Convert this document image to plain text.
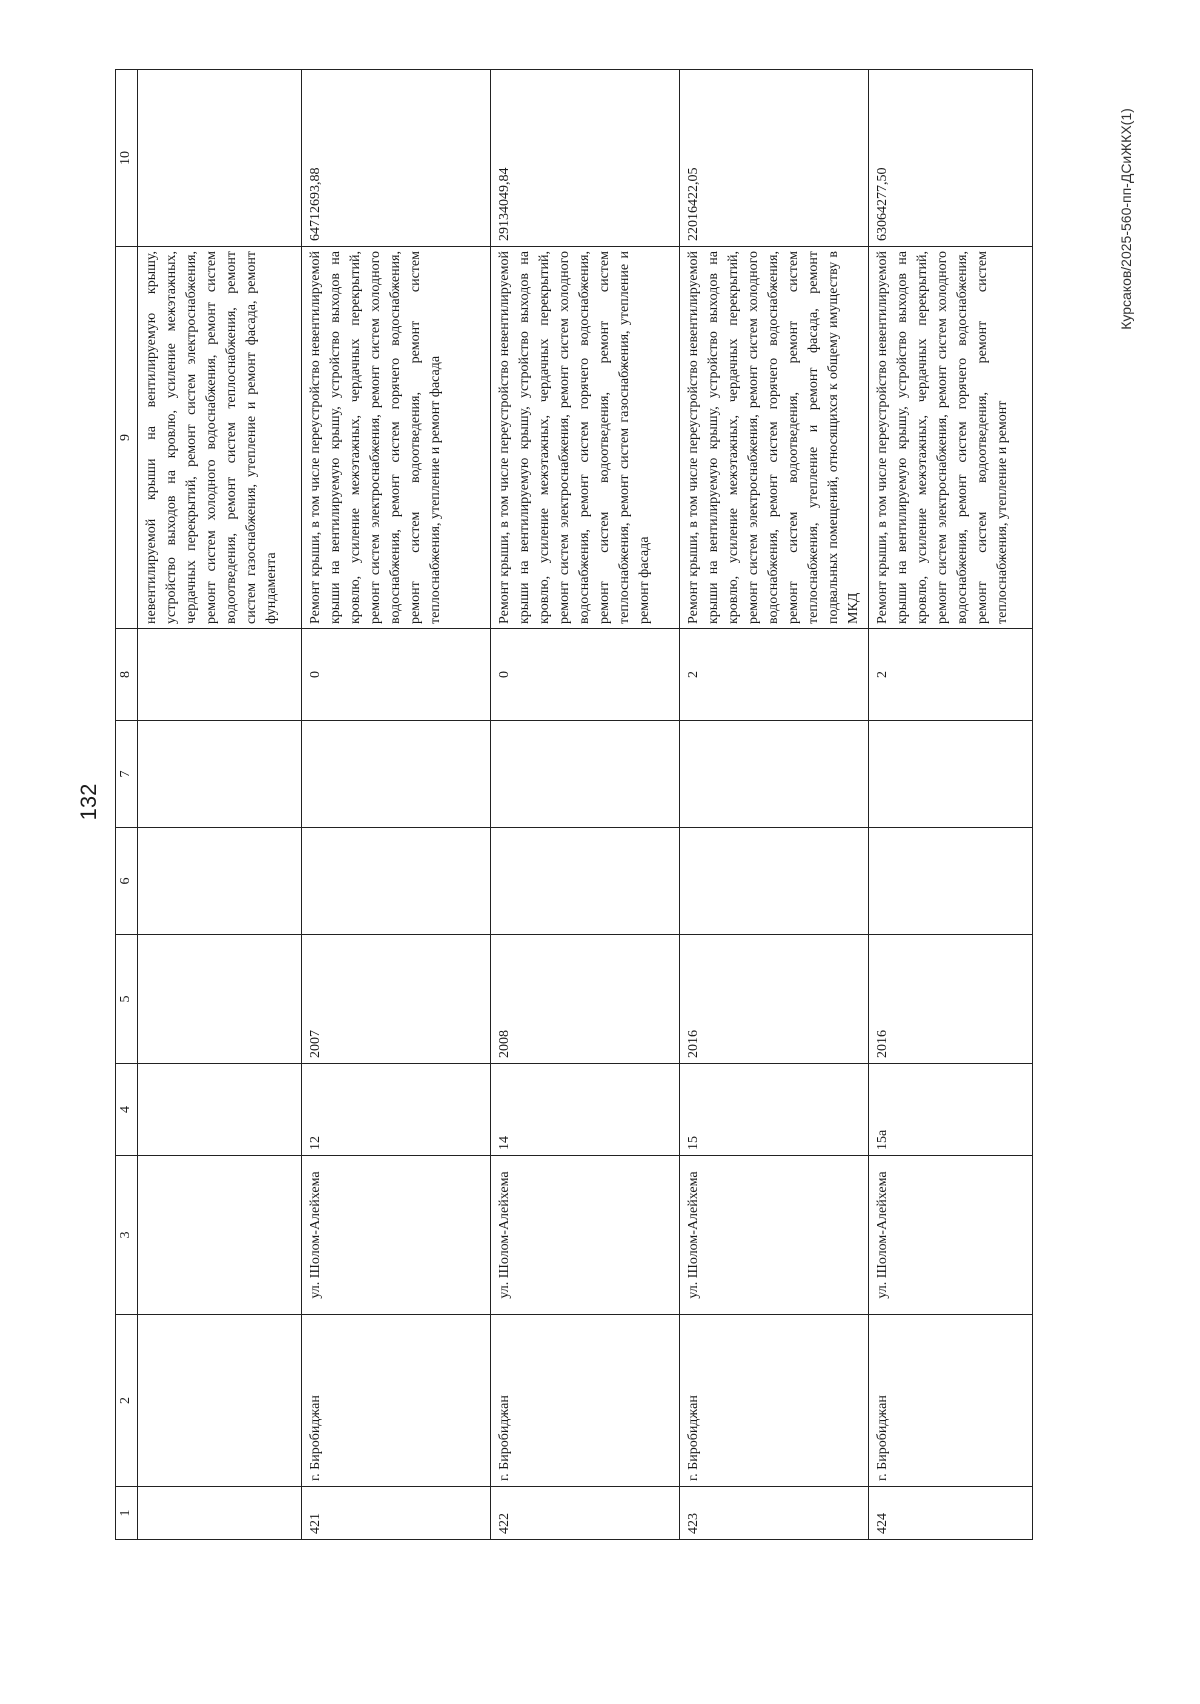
132
Курсаков/2025-560-пп-ДСиЖКХ(1)
1	2	3	4	5	6	7	8	9	10
								невентилируемой крыши на вентилируемую крышу, устройство выходов на кровлю, усиление межэтажных, чердачных перекрытий, ремонт систем электроснабжения, ремонт систем холодного водоснабжения, ремонт систем водоотведения, ремонт систем теплоснабжения, ремонт систем газоснабжения, утепление и ремонт фасада, ремонт фундамента	
421	г. Биробиджан	ул. Шолом-Алейхема	12	2007			0	Ремонт крыши, в том числе переустройство невентилируемой крыши на вентилируемую крышу, устройство выходов на кровлю, усиление межэтажных, чердачных перекрытий, ремонт систем электроснабжения, ремонт систем холодного водоснабжения, ремонт систем горячего водоснабжения, ремонт систем водоотведения, ремонт систем теплоснабжения, утепление и ремонт фасада	64712693,88
422	г. Биробиджан	ул. Шолом-Алейхема	14	2008			0	Ремонт крыши, в том числе переустройство невентилируемой крыши на вентилируемую крышу, устройство выходов на кровлю, усиление межэтажных, чердачных перекрытий, ремонт систем электроснабжения, ремонт систем холодного водоснабжения, ремонт систем горячего водоснабжения, ремонт систем водоотведения, ремонт систем теплоснабжения, ремонт систем газоснабжения, утепление и ремонт фасада	29134049,84
423	г. Биробиджан	ул. Шолом-Алейхема	15	2016			2	Ремонт крыши, в том числе переустройство невентилируемой крыши на вентилируемую крышу, устройство выходов на кровлю, усиление межэтажных, чердачных перекрытий, ремонт систем электроснабжения, ремонт систем холодного водоснабжения, ремонт систем горячего водоснабжения, ремонт систем водоотведения, ремонт систем теплоснабжения, утепление и ремонт фасада, ремонт подвальных помещений, относящихся к общему имуществу в МКД	22016422,05
424	г. Биробиджан	ул. Шолом-Алейхема	15а	2016			2	Ремонт крыши, в том числе переустройство невентилируемой крыши на вентилируемую крышу, устройство выходов на кровлю, усиление межэтажных, чердачных перекрытий, ремонт систем электроснабжения, ремонт систем холодного водоснабжения, ремонт систем горячего водоснабжения, ремонт систем водоотведения, ремонт систем теплоснабжения, утепление и ремонт	63064277,50
